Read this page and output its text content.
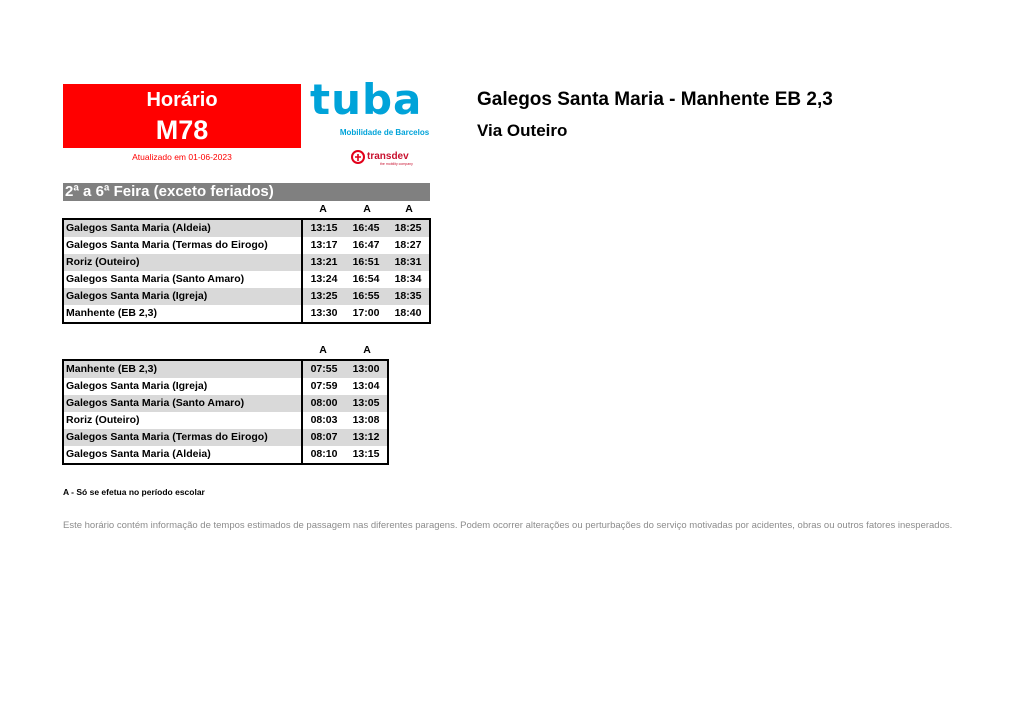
Horário
M78
Atualizado em 01-06-2023
tuba
Mobilidade de Barcelos
transdev
the mobility company
Galegos Santa Maria - Manhente EB 2,3
Via Outeiro
2ª a 6ª Feira (exceto feriados)
A	A	A
Galegos Santa Maria (Aldeia)	13:15	16:45	18:25
Galegos Santa Maria (Termas do Eirogo)	13:17	16:47	18:27
Roriz (Outeiro)	13:21	16:51	18:31
Galegos Santa Maria (Santo Amaro)	13:24	16:54	18:34
Galegos Santa Maria (Igreja)	13:25	16:55	18:35
Manhente (EB 2,3)	13:30	17:00	18:40
A	A
Manhente (EB 2,3)	07:55	13:00
Galegos Santa Maria (Igreja)	07:59	13:04
Galegos Santa Maria (Santo Amaro)	08:00	13:05
Roriz (Outeiro)	08:03	13:08
Galegos Santa Maria (Termas do Eirogo)	08:07	13:12
Galegos Santa Maria (Aldeia)	08:10	13:15
A - Só se efetua no período escolar
Este horário contém informação de tempos estimados de passagem nas diferentes paragens. Podem ocorrer alterações ou perturbações do serviço motivadas por acidentes, obras ou outros fatores inesperados.
